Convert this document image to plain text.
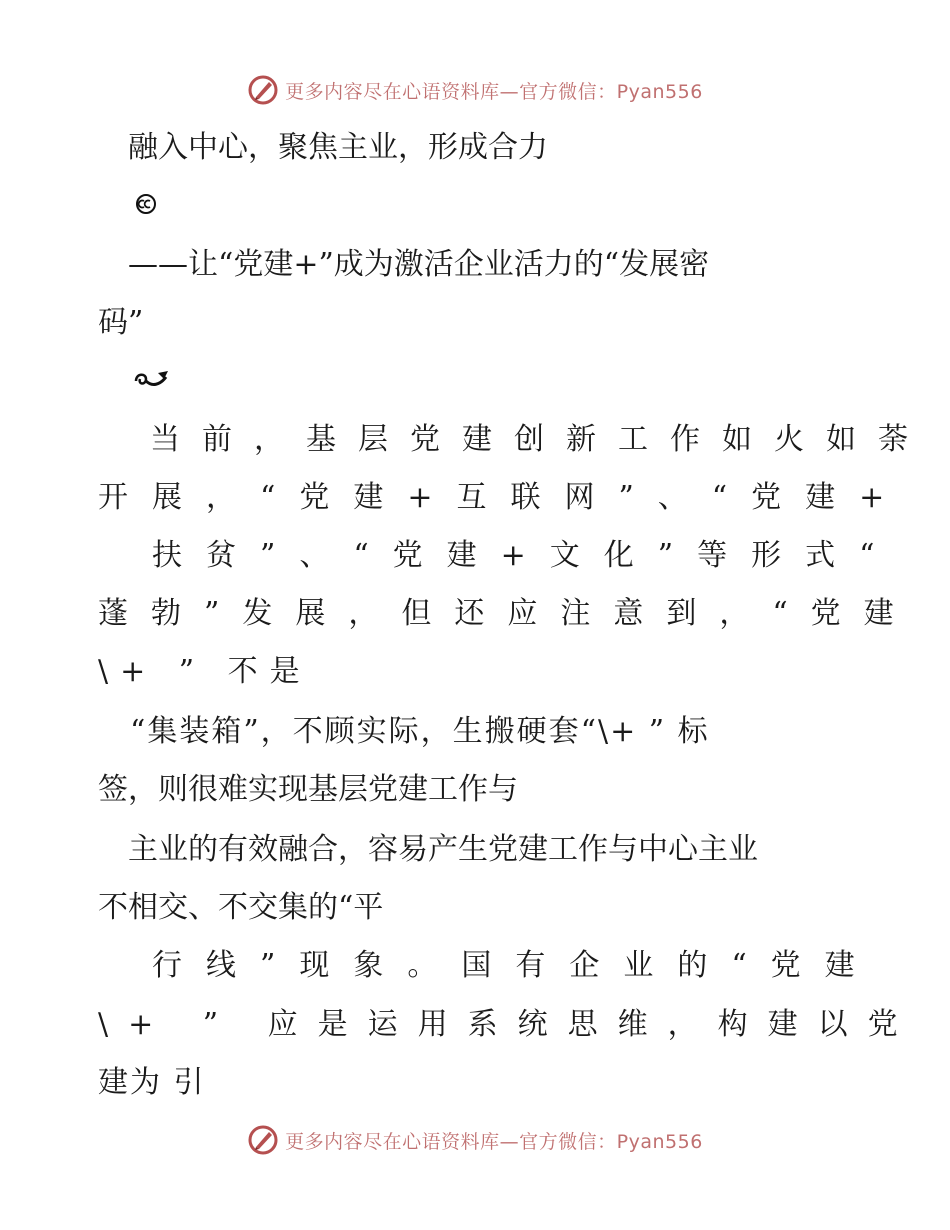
更多内容尽在心语资料库—官方微信：Pyan556
　融入中心，聚焦主业，形成合力
　——让“党建+”成为激活企业活力的“发展密
码”
　当前，基层党建创新工作如火如荼
开展，“党建+互联网”、“党建+
　扶贫”、“党建+文化”等形式“
蓬勃”发展，但还应注意到，“党建
\+ ” 不是
　“集装箱”，不顾实际，生搬硬套“\+ ” 标
签，则很难实现基层党建工作与
　主业的有效融合，容易产生党建工作与中心主业
不相交、不交集的“平
　行线”现象。国有企业的“党建
\+ ” 应是运用系统思维，构建以党
建为 引
更多内容尽在心语资料库—官方微信：Pyan556
